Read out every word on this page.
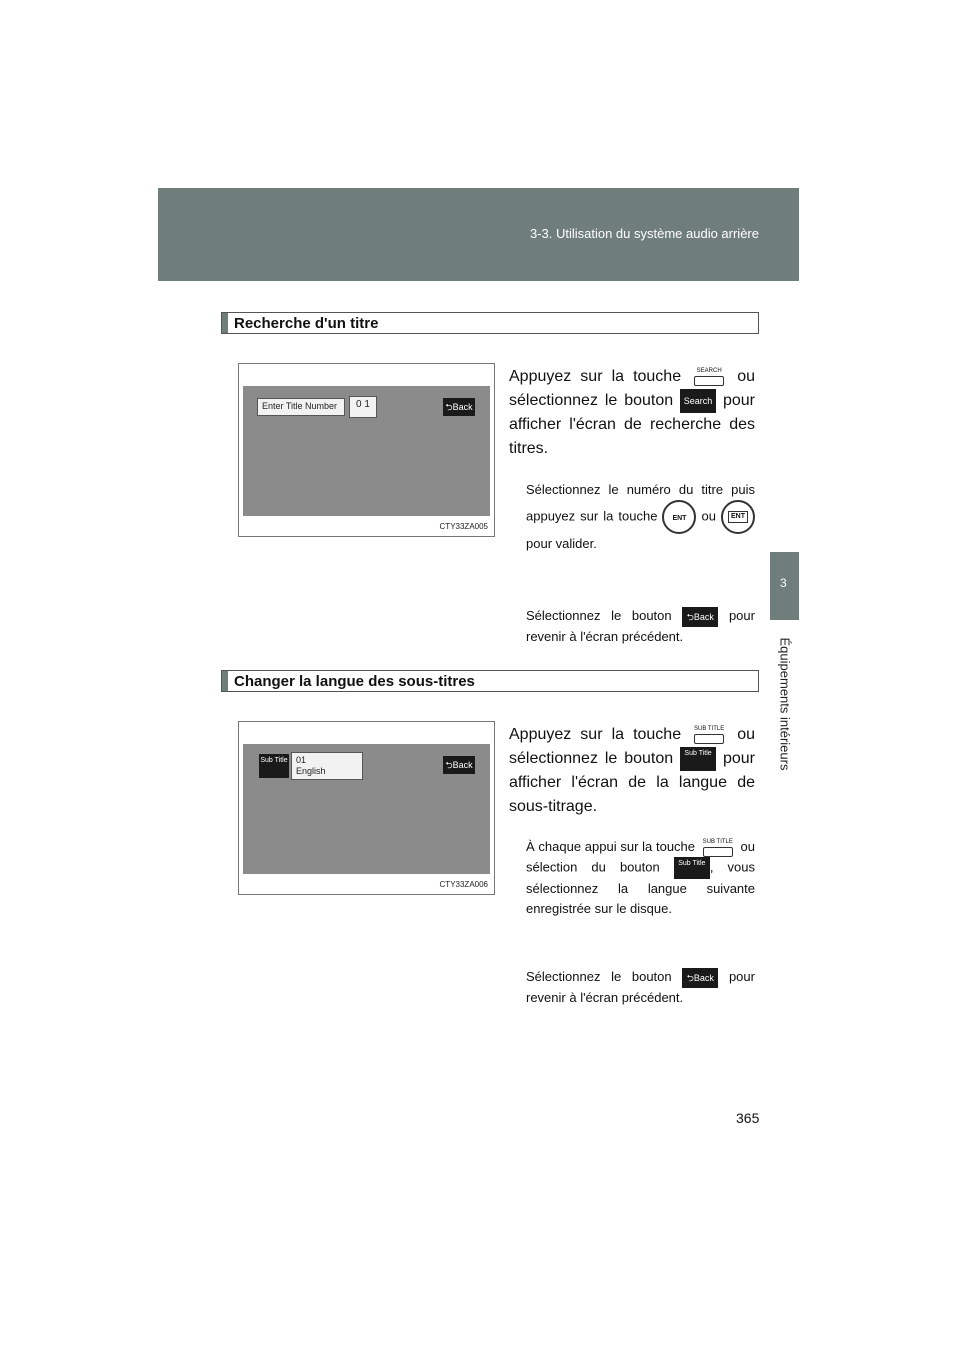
3-3. Utilisation du système audio arrière
3
Équipements intérieurs
Recherche d'un titre
Enter Title Number	0 1	⮌Back
CTY33ZA005
Appuyez sur la touche	SEARCH ou sélectionnez le bouton Search pour afficher l'écran de recherche des titres.
Sélectionnez le numéro du titre puis appuyez sur la touche ENT ou ENT pour valider.
Sélectionnez le bouton ⮌Back pour revenir à l'écran précédent.
Changer la langue des sous-titres
Sub Title 01
English
⮌Back
CTY33ZA006
Appuyez sur la touche SUB TITLE ou sélectionnez le bouton Sub Title pour afficher l'écran de la langue de sous-titrage.
À chaque appui sur la touche SUB TITLE ou sélection du bouton	Sub Title , vous sélectionnez la langue suivante enregistrée sur le disque.
Sélectionnez le bouton ⮌Back pour revenir à l'écran précédent.
365
